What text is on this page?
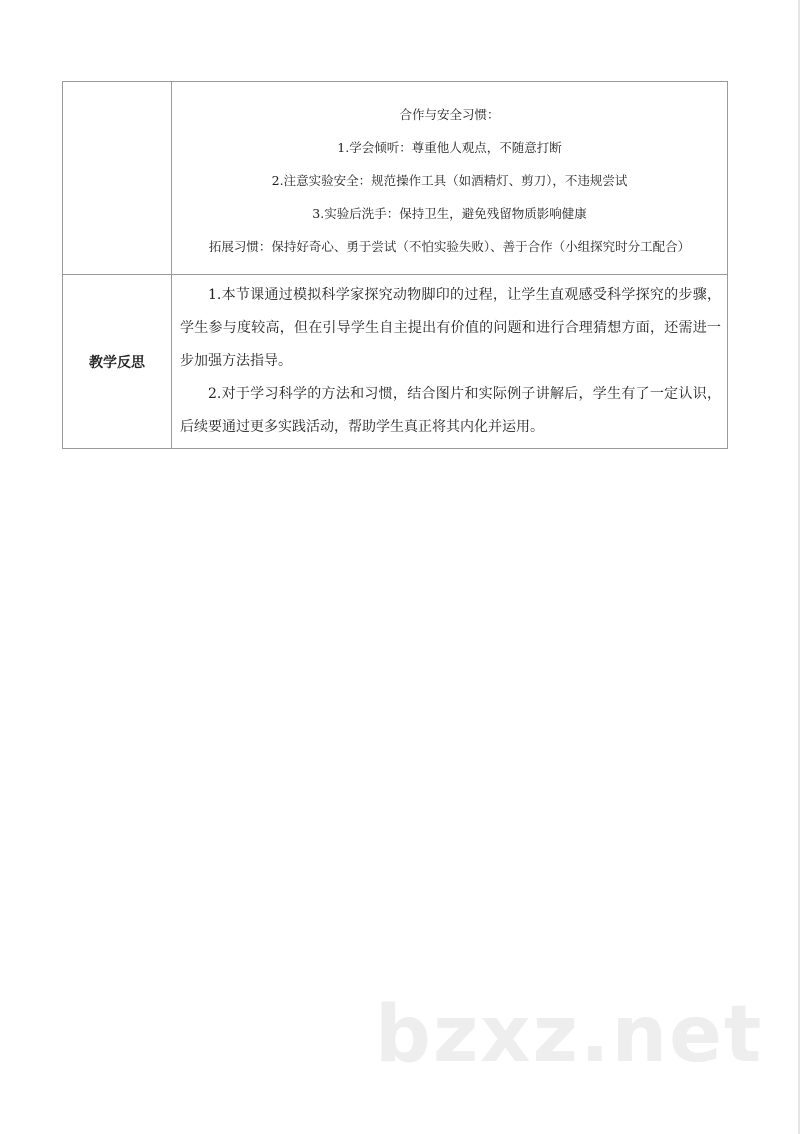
	合作与安全习惯：
1.学会倾听：尊重他人观点，不随意打断
2.注意实验安全：规范操作工具（如酒精灯、剪刀），不违规尝试
3.实验后洗手：保持卫生，避免残留物质影响健康
拓展习惯：保持好奇心、勇于尝试（不怕实验失败）、善于合作（小组探究时分工配合）

教学反思	1.本节课通过模拟科学家探究动物脚印的过程，让学生直观感受科学探究的步骤，学生参与度较高，但在引导学生自主提出有价值的问题和进行合理猜想方面，还需进一步加强方法指导。

2.对于学习科学的方法和习惯，结合图片和实际例子讲解后，学生有了一定认识，后续要通过更多实践活动，帮助学生真正将其内化并运用。

bzxz.net
